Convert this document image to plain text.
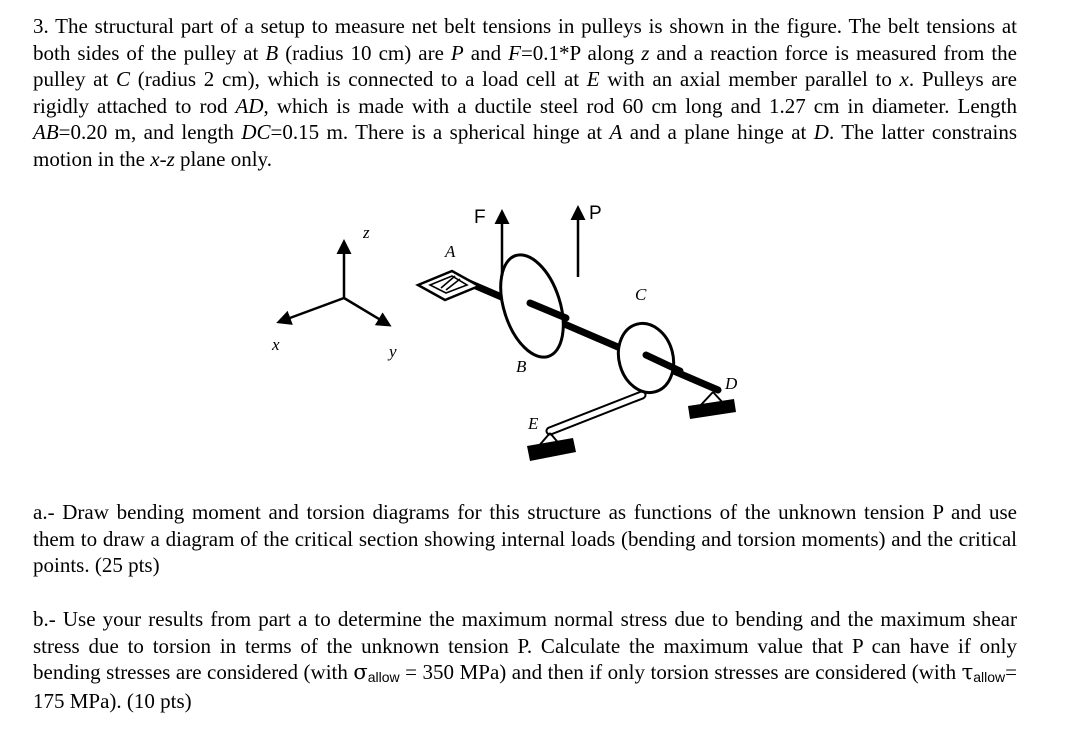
3. The structural part of a setup to measure net belt tensions in pulleys is shown in the figure. The belt tensions at both sides of the pulley at B (radius 10 cm) are P and F=0.1*P along z and a reaction force is measured from the pulley at C (radius 2 cm), which is connected to a load cell at E with an axial member parallel to x. Pulleys are rigidly attached to rod AD, which is made with a ductile steel rod 60 cm long and 1.27 cm in diameter. Length AB=0.20 m, and length DC=0.15 m. There is a spherical hinge at A and a plane hinge at D. The latter constrains motion in the x-z plane only.

z
x	y
F	P
A
B
C
D
E

a.- Draw bending moment and torsion diagrams for this structure as functions of the unknown tension P and use them to draw a diagram of the critical section showing internal loads (bending and torsion moments) and the critical points. (25 pts)

b.- Use your results from part a to determine the maximum normal stress due to bending and the maximum shear stress due to torsion in terms of the unknown tension P. Calculate the maximum value that P can have if only bending stresses are considered (with σallow = 350 MPa) and then if only torsion stresses are considered (with τallow= 175 MPa). (10 pts)
